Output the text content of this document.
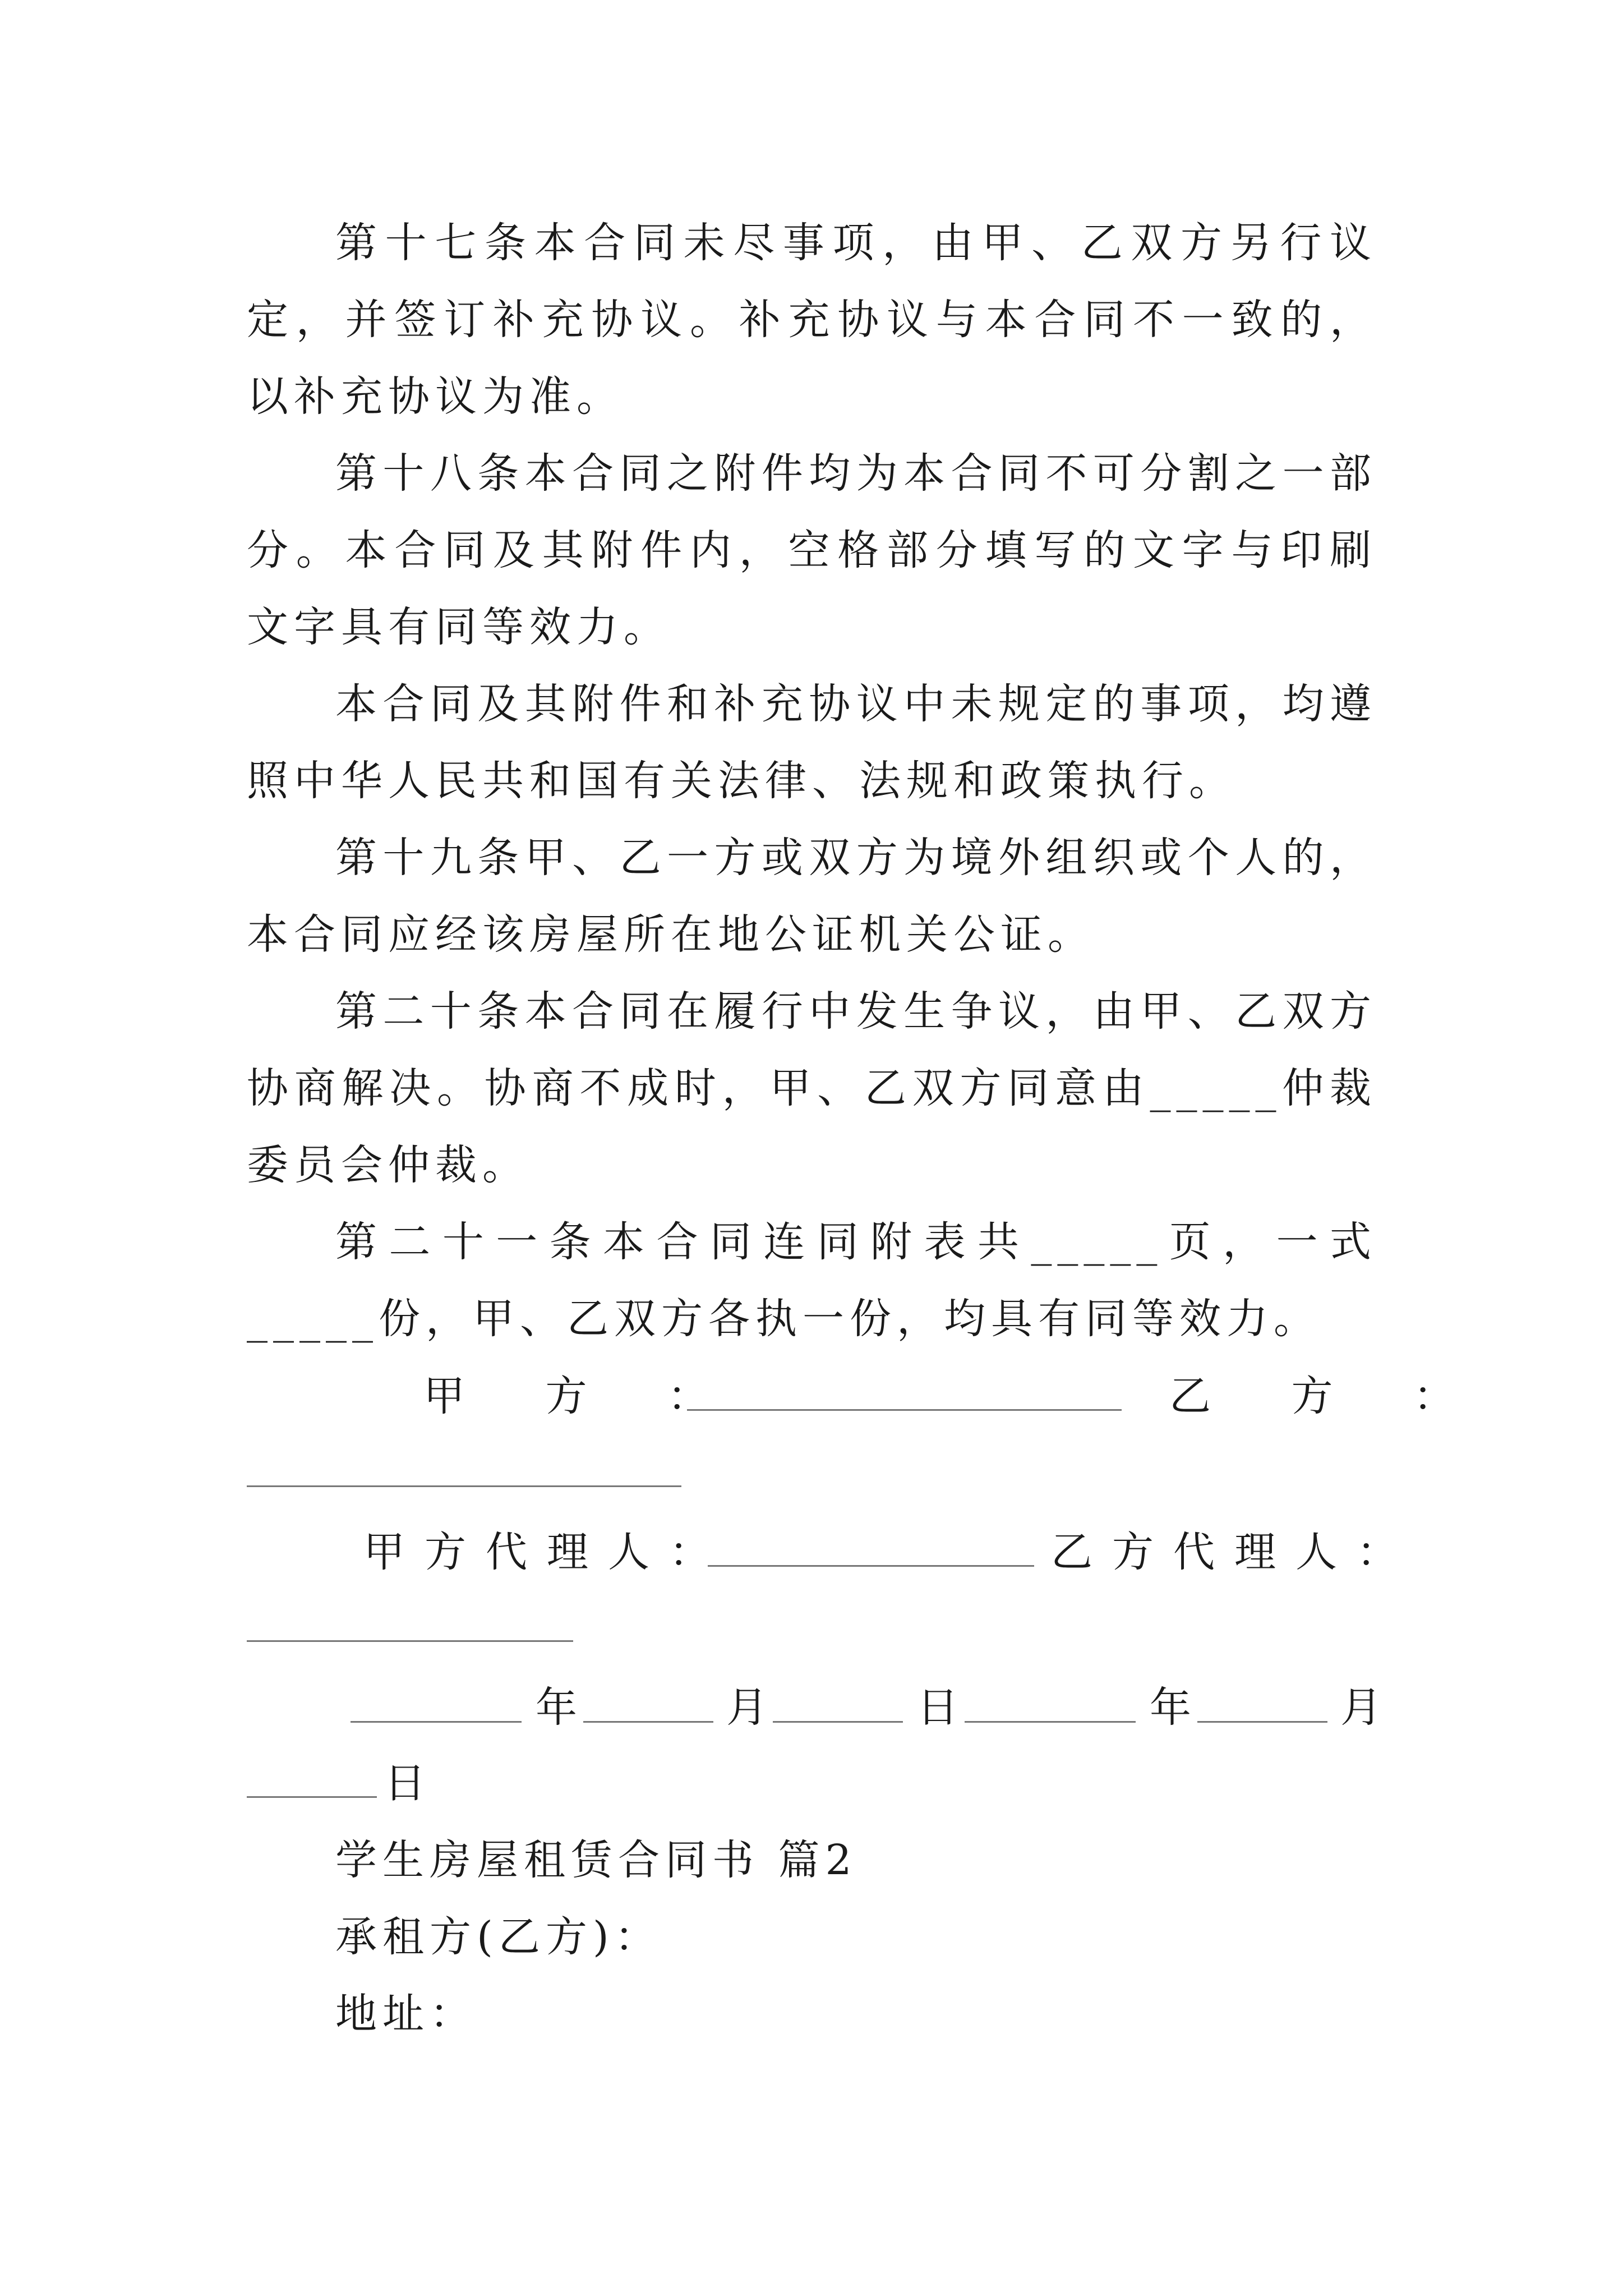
第十七条本合同未尽事项，由甲、乙双方另行议定，并签订补充协议。补充协议与本合同不一致的，以补充协议为准。

第十八条本合同之附件均为本合同不可分割之一部分。本合同及其附件内，空格部分填写的文字与印刷文字具有同等效力。

本合同及其附件和补充协议中未规定的事项，均遵照中华人民共和国有关法律、法规和政策执行。

第十九条甲、乙一方或双方为境外组织或个人的，本合同应经该房屋所在地公证机关公证。

第二十条本合同在履行中发生争议，由甲、乙双方协商解决。协商不成时，甲、乙双方同意由_____仲裁委员会仲裁。

第二十一条本合同连同附表共_____页，一式_____份，甲、乙双方各执一份，均具有同等效力。

甲 方 ：	乙 方 ：
甲方代理人：	乙方代理人：
年	月	日	年	月
日
学生房屋租赁合同书 篇2
承租方(乙方)：
地址：
